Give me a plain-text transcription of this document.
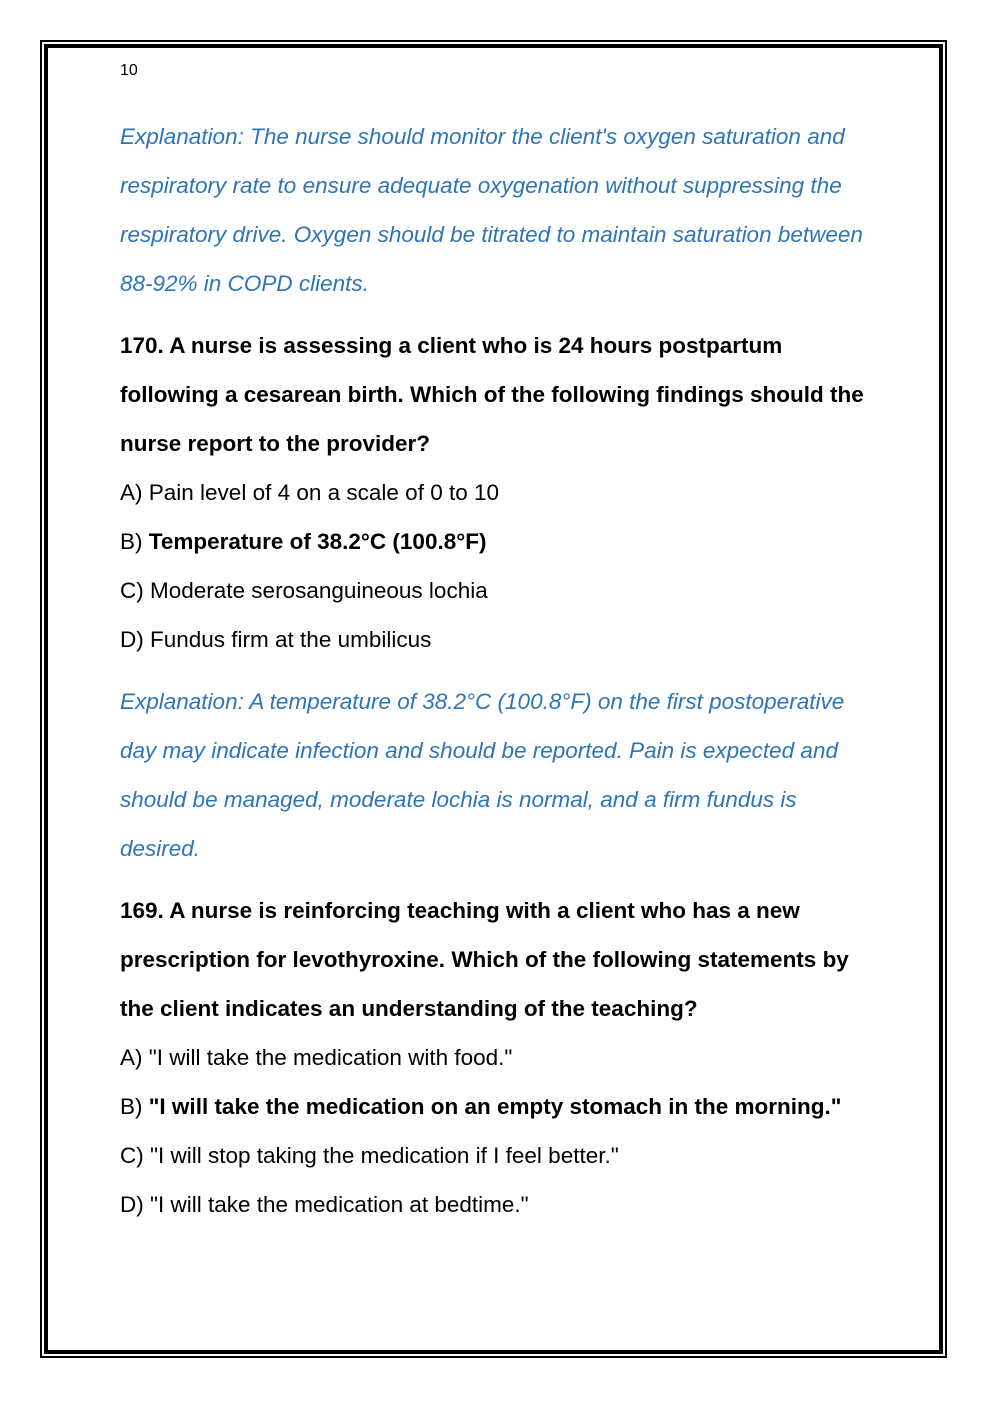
10

Explanation: The nurse should monitor the client's oxygen saturation and respiratory rate to ensure adequate oxygenation without suppressing the respiratory drive. Oxygen should be titrated to maintain saturation between 88-92% in COPD clients.

170. A nurse is assessing a client who is 24 hours postpartum following a cesarean birth. Which of the following findings should the nurse report to the provider?

A) Pain level of 4 on a scale of 0 to 10

B) Temperature of 38.2°C (100.8°F)

C) Moderate serosanguineous lochia

D) Fundus firm at the umbilicus

Explanation: A temperature of 38.2°C (100.8°F) on the first postoperative day may indicate infection and should be reported. Pain is expected and should be managed, moderate lochia is normal, and a firm fundus is desired.

169. A nurse is reinforcing teaching with a client who has a new prescription for levothyroxine. Which of the following statements by the client indicates an understanding of the teaching?

A) "I will take the medication with food."

B) "I will take the medication on an empty stomach in the morning."

C) "I will stop taking the medication if I feel better."

D) "I will take the medication at bedtime."
